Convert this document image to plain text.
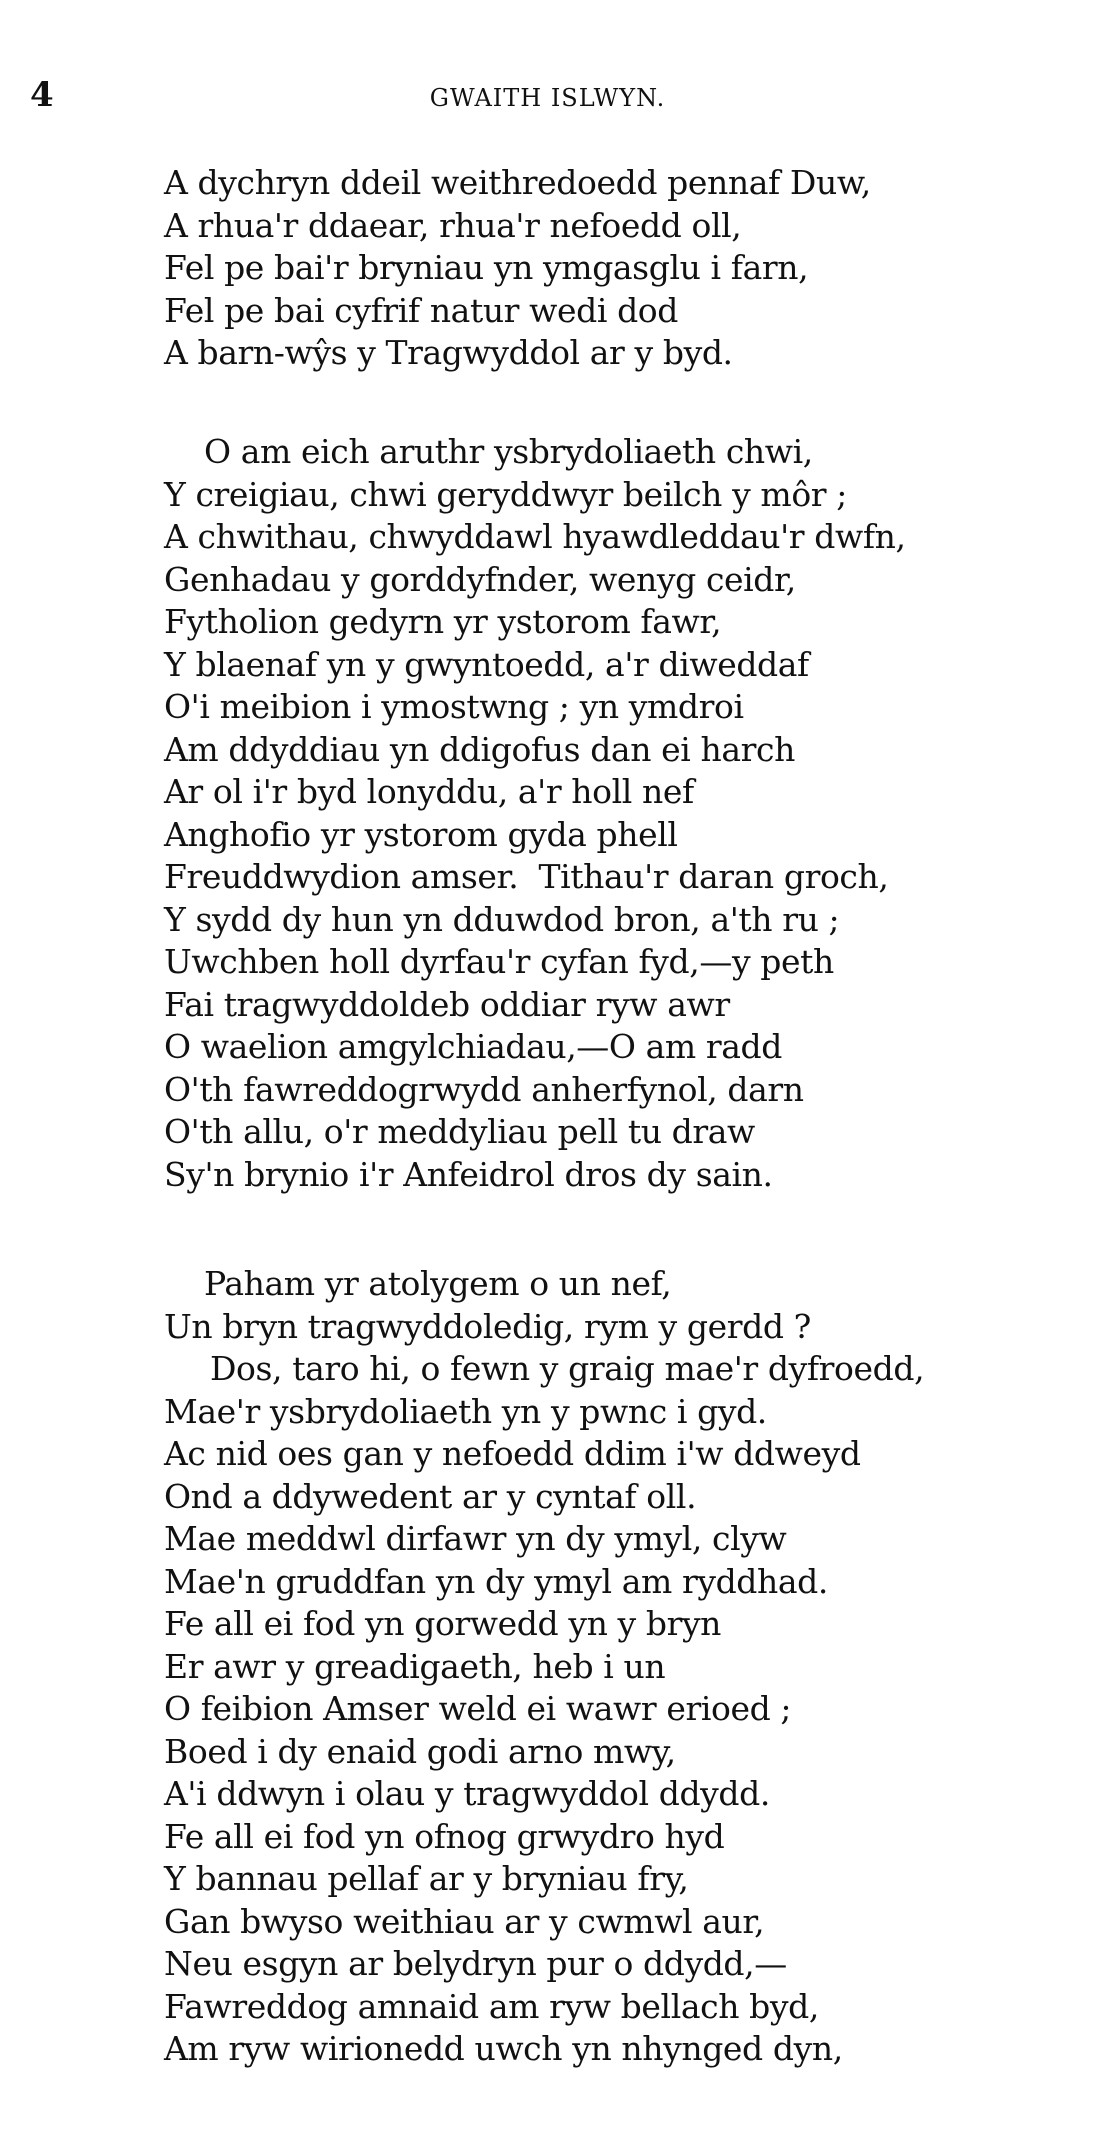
4	GWAITH ISLWYN.
A dychryn ddeil weithredoedd pennaf Duw,
A rhua'r ddaear, rhua'r nefoedd oll,
Fel pe bai'r bryniau yn ymgasglu i farn,
Fel pe bai cyfrif natur wedi dod
A barn-wŷs y Tragwyddol ar y byd.
O am eich aruthr ysbrydoliaeth chwi,
Y creigiau, chwi geryddwyr beilch y môr ;
A chwithau, chwyddawl hyawdleddau'r dwfn,
Genhadau y gorddyfnder, wenyg ceidr,
Fytholion gedyrn yr ystorom fawr,
Y blaenaf yn y gwyntoedd, a'r diweddaf
O'i meibion i ymostwng ; yn ymdroi
Am ddyddiau yn ddigofus dan ei harch
Ar ol i'r byd lonyddu, a'r holl nef
Anghofio yr ystorom gyda phell
Freuddwydion amser.  Tithau'r daran groch,
Y sydd dy hun yn dduwdod bron, a'th ru ;
Uwchben holl dyrfau'r cyfan fyd,—y peth
Fai tragwyddoldeb oddiar ryw awr
O waelion amgylchiadau,—O am radd
O'th fawreddogrwydd anherfynol, darn
O'th allu, o'r meddyliau pell tu draw
Sy'n brynio i'r Anfeidrol dros dy sain.
Paham yr atolygem o un nef,
Un bryn tragwyddoledig, rym y gerdd ?
Dos, taro hi, o fewn y graig mae'r dyfroedd,
Mae'r ysbrydoliaeth yn y pwnc i gyd.
Ac nid oes gan y nefoedd ddim i'w ddweyd
Ond a ddywedent ar y cyntaf oll.
Mae meddwl dirfawr yn dy ymyl, clyw
Mae'n gruddfan yn dy ymyl am ryddhad.
Fe all ei fod yn gorwedd yn y bryn
Er awr y greadigaeth, heb i un
O feibion Amser weld ei wawr erioed ;
Boed i dy enaid godi arno mwy,
A'i ddwyn i olau y tragwyddol ddydd.
Fe all ei fod yn ofnog grwydro hyd
Y bannau pellaf ar y bryniau fry,
Gan bwyso weithiau ar y cwmwl aur,
Neu esgyn ar belydryn pur o ddydd,—
Fawreddog amnaid am ryw bellach byd,
Am ryw wirionedd uwch yn nhynged dyn,
